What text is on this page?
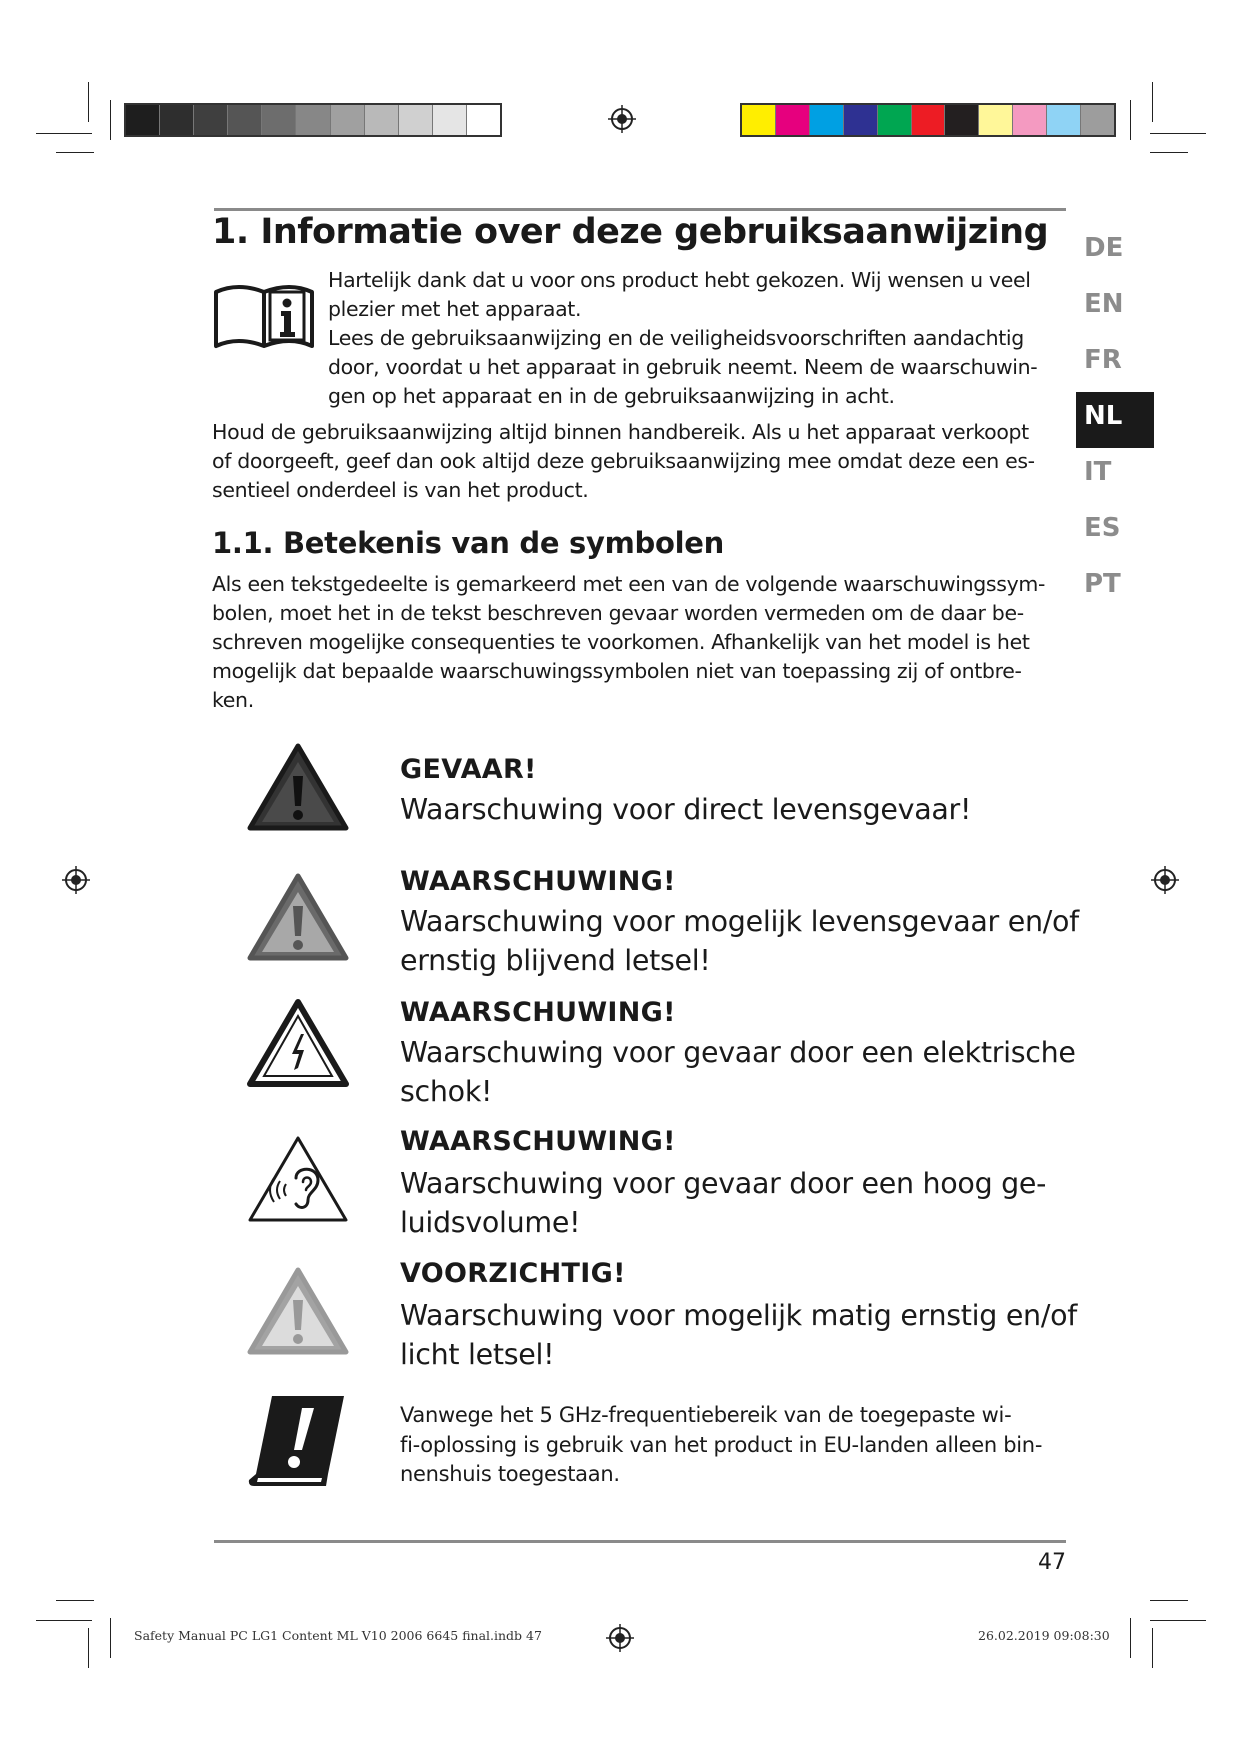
DE
EN
FR
NL
IT
ES
PT
1. Informatie over deze gebruiksaanwijzing
Hartelijk dank dat u voor ons product hebt gekozen. Wij wensen u veel
plezier met het apparaat.
Lees de gebruiksaanwijzing en de veiligheidsvoorschriften aandachtig
door, voordat u het apparaat in gebruik neemt. Neem de waarschuwin-
gen op het apparaat en in de gebruiksaanwijzing in acht.
Houd de gebruiksaanwijzing altijd binnen handbereik. Als u het apparaat verkoopt
of doorgeeft, geef dan ook altijd deze gebruiksaanwijzing mee omdat deze een es-
sentieel onderdeel is van het product.
1.1. Betekenis van de symbolen
Als een tekstgedeelte is gemarkeerd met een van de volgende waarschuwingssym-
bolen, moet het in de tekst beschreven gevaar worden vermeden om de daar be-
schreven mogelijke consequenties te voorkomen. Afhankelijk van het model is het
mogelijk dat bepaalde waarschuwingssymbolen niet van toepassing zij of ontbre-
ken.
GEVAAR!
Waarschuwing voor direct levensgevaar!
WAARSCHUWING!
Waarschuwing voor mogelijk levensgevaar en/of
ernstig blijvend letsel!
WAARSCHUWING!
Waarschuwing voor gevaar door een elektrische
schok!
WAARSCHUWING!
Waarschuwing voor gevaar door een hoog ge-
luidsvolume!
VOORZICHTIG!
Waarschuwing voor mogelijk matig ernstig en/of
licht letsel!
Vanwege het 5 GHz-frequentiebereik van de toegepaste wi-
fi-oplossing is gebruik van het product in EU-landen alleen bin-
nenshuis toegestaan.
47
Safety Manual PC LG1 Content ML V10 2006 6645 final.indb 47	26.02.2019 09:08:30
